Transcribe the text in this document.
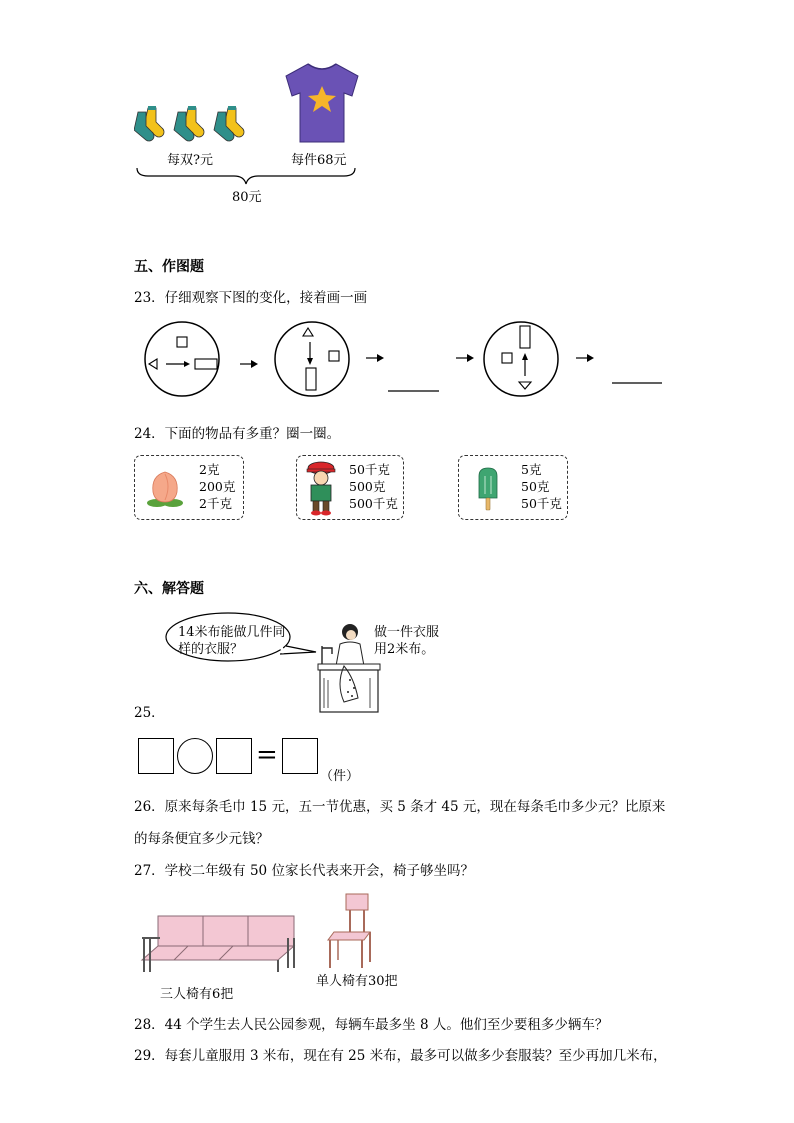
每双?元	每件68元
80元
五、作图题
23．仔细观察下图的变化，接着画一画
24．下面的物品有多重？圈一圈。
2克
200克
2千克
50千克
500克
500千克
5克
50克
50千克
六、解答题
14米布能做几件同
样的衣服？
做一件衣服
用2米布。
25．
=
（件）
26．原来每条毛巾 15 元，五一节优惠，买 5 条才 45 元，现在每条毛巾多少元？比原来
的每条便宜多少元钱？
27．学校二年级有 50 位家长代表来开会，椅子够坐吗？
三人椅有6把
单人椅有30把
28．44 个学生去人民公园参观，每辆车最多坐 8 人。他们至少要租多少辆车？
29．每套儿童服用 3 米布，现在有 25 米布，最多可以做多少套服装？至少再加几米布，
